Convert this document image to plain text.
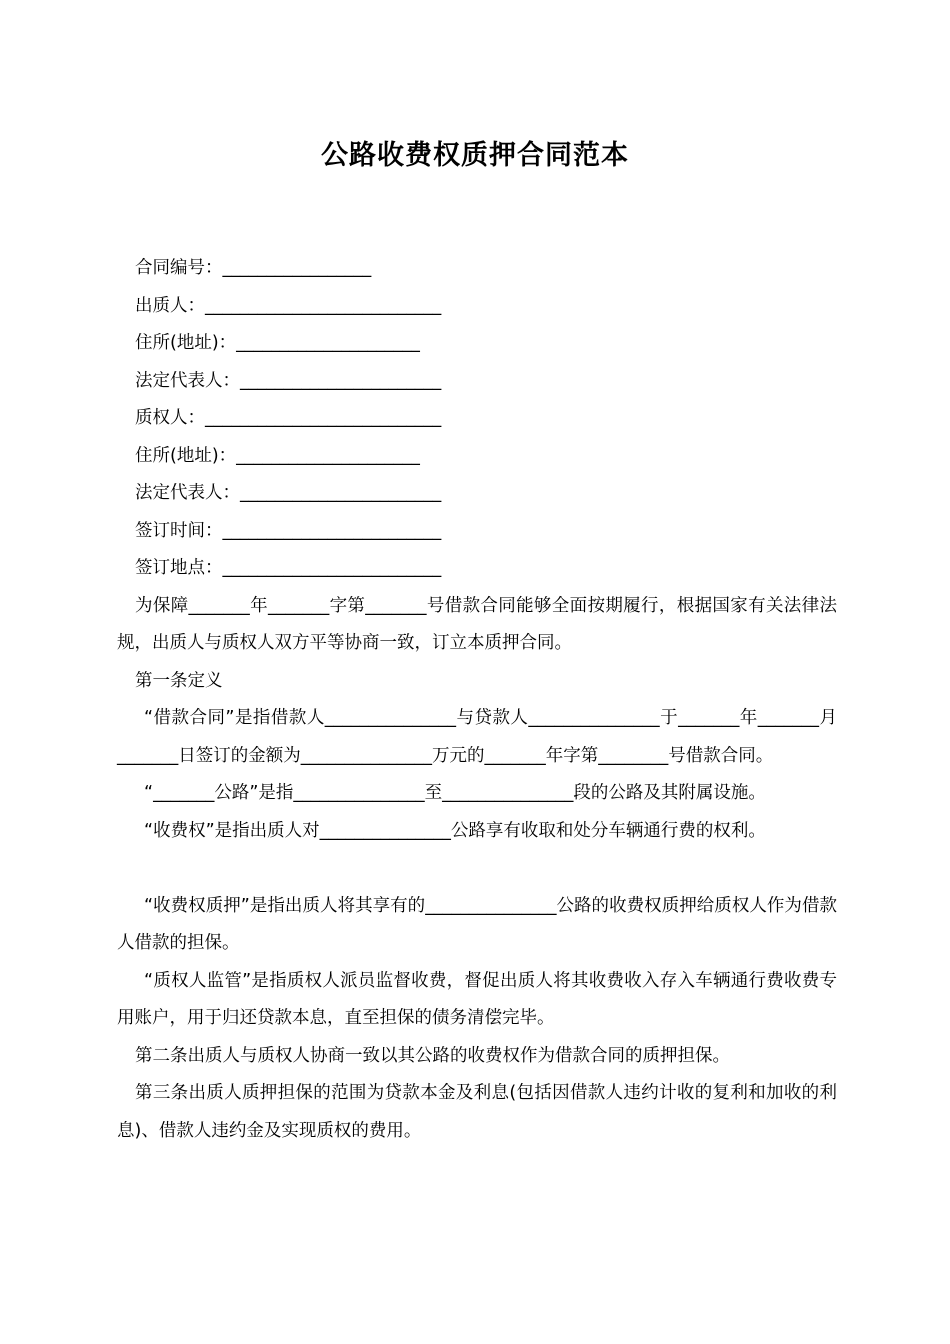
公路收费权质押合同范本
合同编号：_________________
出质人：___________________________
住所(地址)：_____________________
法定代表人：_______________________
质权人：___________________________
住所(地址)：_____________________
法定代表人：_______________________
签订时间：_________________________
签订地点：_________________________

为保障_______年_______字第_______号借款合同能够全面按期履行，根据国家有关法律法规，出质人与质权人双方平等协商一致，订立本质押合同。

第一条定义

“借款合同”是指借款人_______________与贷款人_______________于_______年_______月_______日签订的金额为_______________万元的_______年字第________号借款合同。

“_______公路”是指_______________至_______________段的公路及其附属设施。

“收费权”是指出质人对_______________公路享有收取和处分车辆通行费的权利。

“收费权质押”是指出质人将其享有的_______________公路的收费权质押给质权人作为借款人借款的担保。

“质权人监管”是指质权人派员监督收费，督促出质人将其收费收入存入车辆通行费收费专用账户，用于归还贷款本息，直至担保的债务清偿完毕。

第二条出质人与质权人协商一致以其公路的收费权作为借款合同的质押担保。

第三条出质人质押担保的范围为贷款本金及利息(包括因借款人违约计收的复利和加收的利息)、借款人违约金及实现质权的费用。
